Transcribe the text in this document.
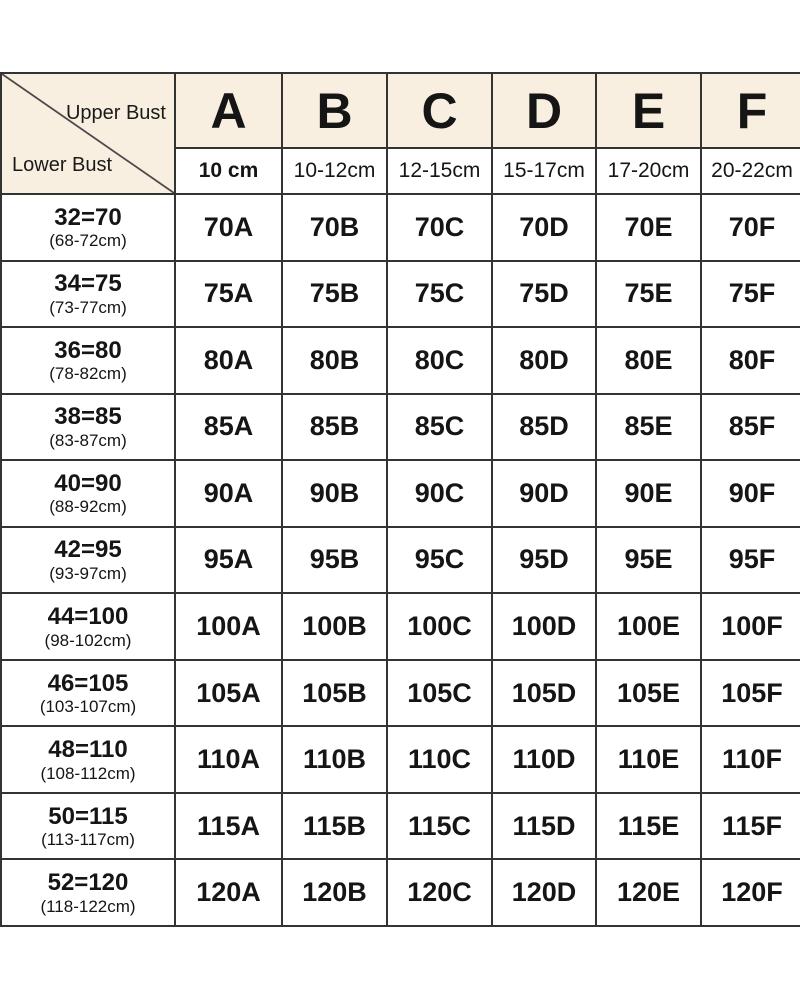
Upper Bust
Lower Bust
A	B	C	D	E	F
10 cm	10-12cm	12-15cm	15-17cm	17-20cm	20-22cm
32=70
(68-72cm)	70A	70B	70C	70D	70E	70F
34=75
(73-77cm)	75A	75B	75C	75D	75E	75F
36=80
(78-82cm)	80A	80B	80C	80D	80E	80F
38=85
(83-87cm)	85A	85B	85C	85D	85E	85F
40=90
(88-92cm)	90A	90B	90C	90D	90E	90F
42=95
(93-97cm)	95A	95B	95C	95D	95E	95F
44=100
(98-102cm)	100A	100B	100C	100D	100E	100F
46=105
(103-107cm)	105A	105B	105C	105D	105E	105F
48=110
(108-112cm)	110A	110B	110C	110D	110E	110F
50=115
(113-117cm)	115A	115B	115C	115D	115E	115F
52=120
(118-122cm)	120A	120B	120C	120D	120E	120F
